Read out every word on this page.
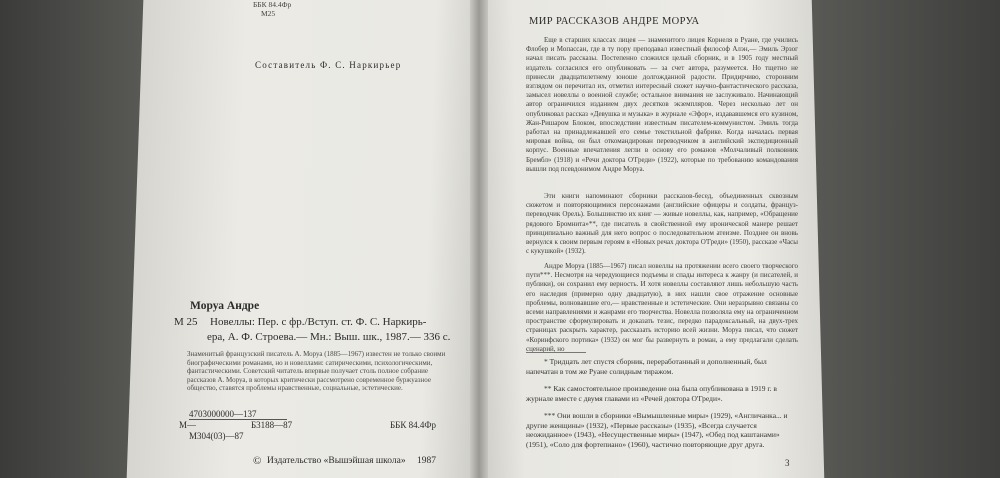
ББК 84.4Фр
М25
Составитель Ф. С. Наркирьер
Моруа Андре
М 25 Новеллы: Пер. с фр./Вступ. ст. Ф. С. Наркирь-
ера, А. Ф. Строева.— Мн.: Выш. шк., 1987.— 336 с.
Знаменитый французский писатель А. Моруа (1885—1967) известен не только своими биографическими романами, но и новеллами: сатирическими, психологическими, фантастическими. Советский читатель впервые получает столь полное собрание рассказов А. Моруа, в которых критически рассмотрено современное буржуазное общество, ставятся проблемы нравственные, социальные, эстетические.
4703000000—137
М—	Б3188—87
М304(03)—87
ББК 84.4Фр
© Издательство «Вышэйшая школа» 1987
МИР РАССКАЗОВ АНДРЕ МОРУА
Еще в старших классах лицея — знаменитого лицея Корнеля в Руане, где учились Флобер и Мопассан, где в ту пору преподавал известный философ Алэн,— Эмиль Эрзог начал писать рассказы. Постепенно сложился целый сборник, и в 1905 году местный издатель согласился его опубликовать — за счет автора, разумеется. Но тщетно не принесли двадцатилетнему юноше долгожданной радости. Придирчиво, сторонним взглядом он перечитал их, отметил интересный сюжет научно-фантастического рассказа, замысел новеллы о военной службе; остальное внимания не заслуживало. Начинающий автор ограничился изданием двух десятков экземпляров. Через несколько лет он опубликовал рассказ «Девушка и музыка» в журнале «Эфор», издававшемся его кузином, Жан-Ришаром Блоком, впоследствии известным писателем-коммунистом. Эмиль тогда работал на принадлежавшей его семье текстильной фабрике. Когда началась первая мировая война, он был откомандирован переводчиком в английский экспедиционный корпус. Военные впечатления легли в основу его романов «Молчаливый полковник Брембл» (1918) и «Речи доктора О'Греди» (1922), которые по требованию командования вышли под псевдонимом Андре Моруа.
Эти книги напоминают сборники рассказов-бесед, объединенных сквозным сюжетом и повторяющимися персонажами (английские офицеры и солдаты, француз-переводчик Орель). Большинство их книг — живые новеллы, как, например, «Обращение рядового Бромнита»**, где писатель в свойственной ему иронической манере решает принципиально важный для него вопрос о последовательном атеизме. Позднее он вновь вернулся к своим первым героям в «Новых речах доктора О'Греди» (1950), рассказе «Часы с кукушкой» (1932).
Андре Моруа (1885—1967) писал новеллы на протяжении всего своего творческого пути***. Несмотря на чередующиеся подъемы и спады интереса к жанру (и писателей, и публики), он сохранил ему верность. И хотя новеллы составляют лишь небольшую часть его наследия (примерно одну двадцатую), в них нашли свое отражение основные проблемы, волновавшие его,— нравственные и эстетические. Они неразрывно связаны со всеми направлениями и жанрами его творчества. Новелла позволяла ему на ограниченном пространстве сформулировать и доказать тезис, передко парадоксальный, на двух-трех страницах раскрыть характер, рассказать историю всей жизни. Моруа писал, что сюжет «Коринфского портика» (1932) он мог бы развернуть в роман, а ему предлагали сделать сценарий, но
* Тридцать лет спустя сборник, переработанный и дополненный, был напечатан в том же Руане солидным тиражом.
** Как самостоятельное произведение она была опубликована в 1919 г. в журнале вместе с двумя главами из «Речей доктора О'Греди».
*** Они вошли в сборники «Вымышленные миры» (1929), «Англичанка... и другие женщины» (1932), «Первые рассказы» (1935), «Всегда случается неожиданное» (1943), «Несущественные миры» (1947), «Обед под каштанами» (1951), «Соло для фортепиано» (1960), частично повторяющие друг друга.
3
